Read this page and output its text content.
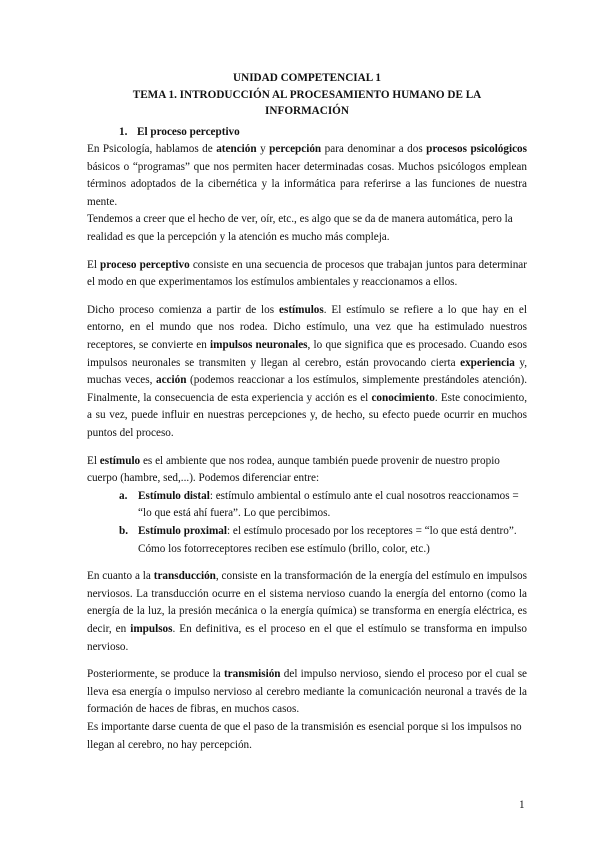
UNIDAD COMPETENCIAL 1
TEMA 1. INTRODUCCIÓN AL PROCESAMIENTO HUMANO DE LA
INFORMACIÓN
1. El proceso perceptivo

En Psicología, hablamos de atención y percepción para denominar a dos procesos psicológicos básicos o “programas” que nos permiten hacer determinadas cosas. Muchos psicólogos emplean términos adoptados de la cibernética y la informática para referirse a las funciones de nuestra mente.

Tendemos a creer que el hecho de ver, oír, etc., es algo que se da de manera automática, pero la realidad es que la percepción y la atención es mucho más compleja.

El proceso perceptivo consiste en una secuencia de procesos que trabajan juntos para determinar el modo en que experimentamos los estímulos ambientales y reaccionamos a ellos.

Dicho proceso comienza a partir de los estímulos. El estímulo se refiere a lo que hay en el entorno, en el mundo que nos rodea. Dicho estímulo, una vez que ha estimulado nuestros receptores, se convierte en impulsos neuronales, lo que significa que es procesado. Cuando esos impulsos neuronales se transmiten y llegan al cerebro, están provocando cierta experiencia y, muchas veces, acción (podemos reaccionar a los estímulos, simplemente prestándoles atención). Finalmente, la consecuencia de esta experiencia y acción es el conocimiento. Este conocimiento, a su vez, puede influir en nuestras percepciones y, de hecho, su efecto puede ocurrir en muchos puntos del proceso.

El estímulo es el ambiente que nos rodea, aunque también puede provenir de nuestro propio cuerpo (hambre, sed,...). Podemos diferenciar entre:

a. Estímulo distal: estímulo ambiental o estímulo ante el cual nosotros reaccionamos = “lo que está ahí fuera”. Lo que percibimos.
b. Estímulo proximal: el estímulo procesado por los receptores = “lo que está dentro”. Cómo los fotorreceptores reciben ese estímulo (brillo, color, etc.)

En cuanto a la transducción, consiste en la transformación de la energía del estímulo en impulsos nerviosos. La transducción ocurre en el sistema nervioso cuando la energía del entorno (como la energía de la luz, la presión mecánica o la energía química) se transforma en energía eléctrica, es decir, en impulsos. En definitiva, es el proceso en el que el estímulo se transforma en impulso nervioso.

Posteriormente, se produce la transmisión del impulso nervioso, siendo el proceso por el cual se lleva esa energía o impulso nervioso al cerebro mediante la comunicación neuronal a través de la formación de haces de fibras, en muchos casos.

Es importante darse cuenta de que el paso de la transmisión es esencial porque si los impulsos no llegan al cerebro, no hay percepción.

1
